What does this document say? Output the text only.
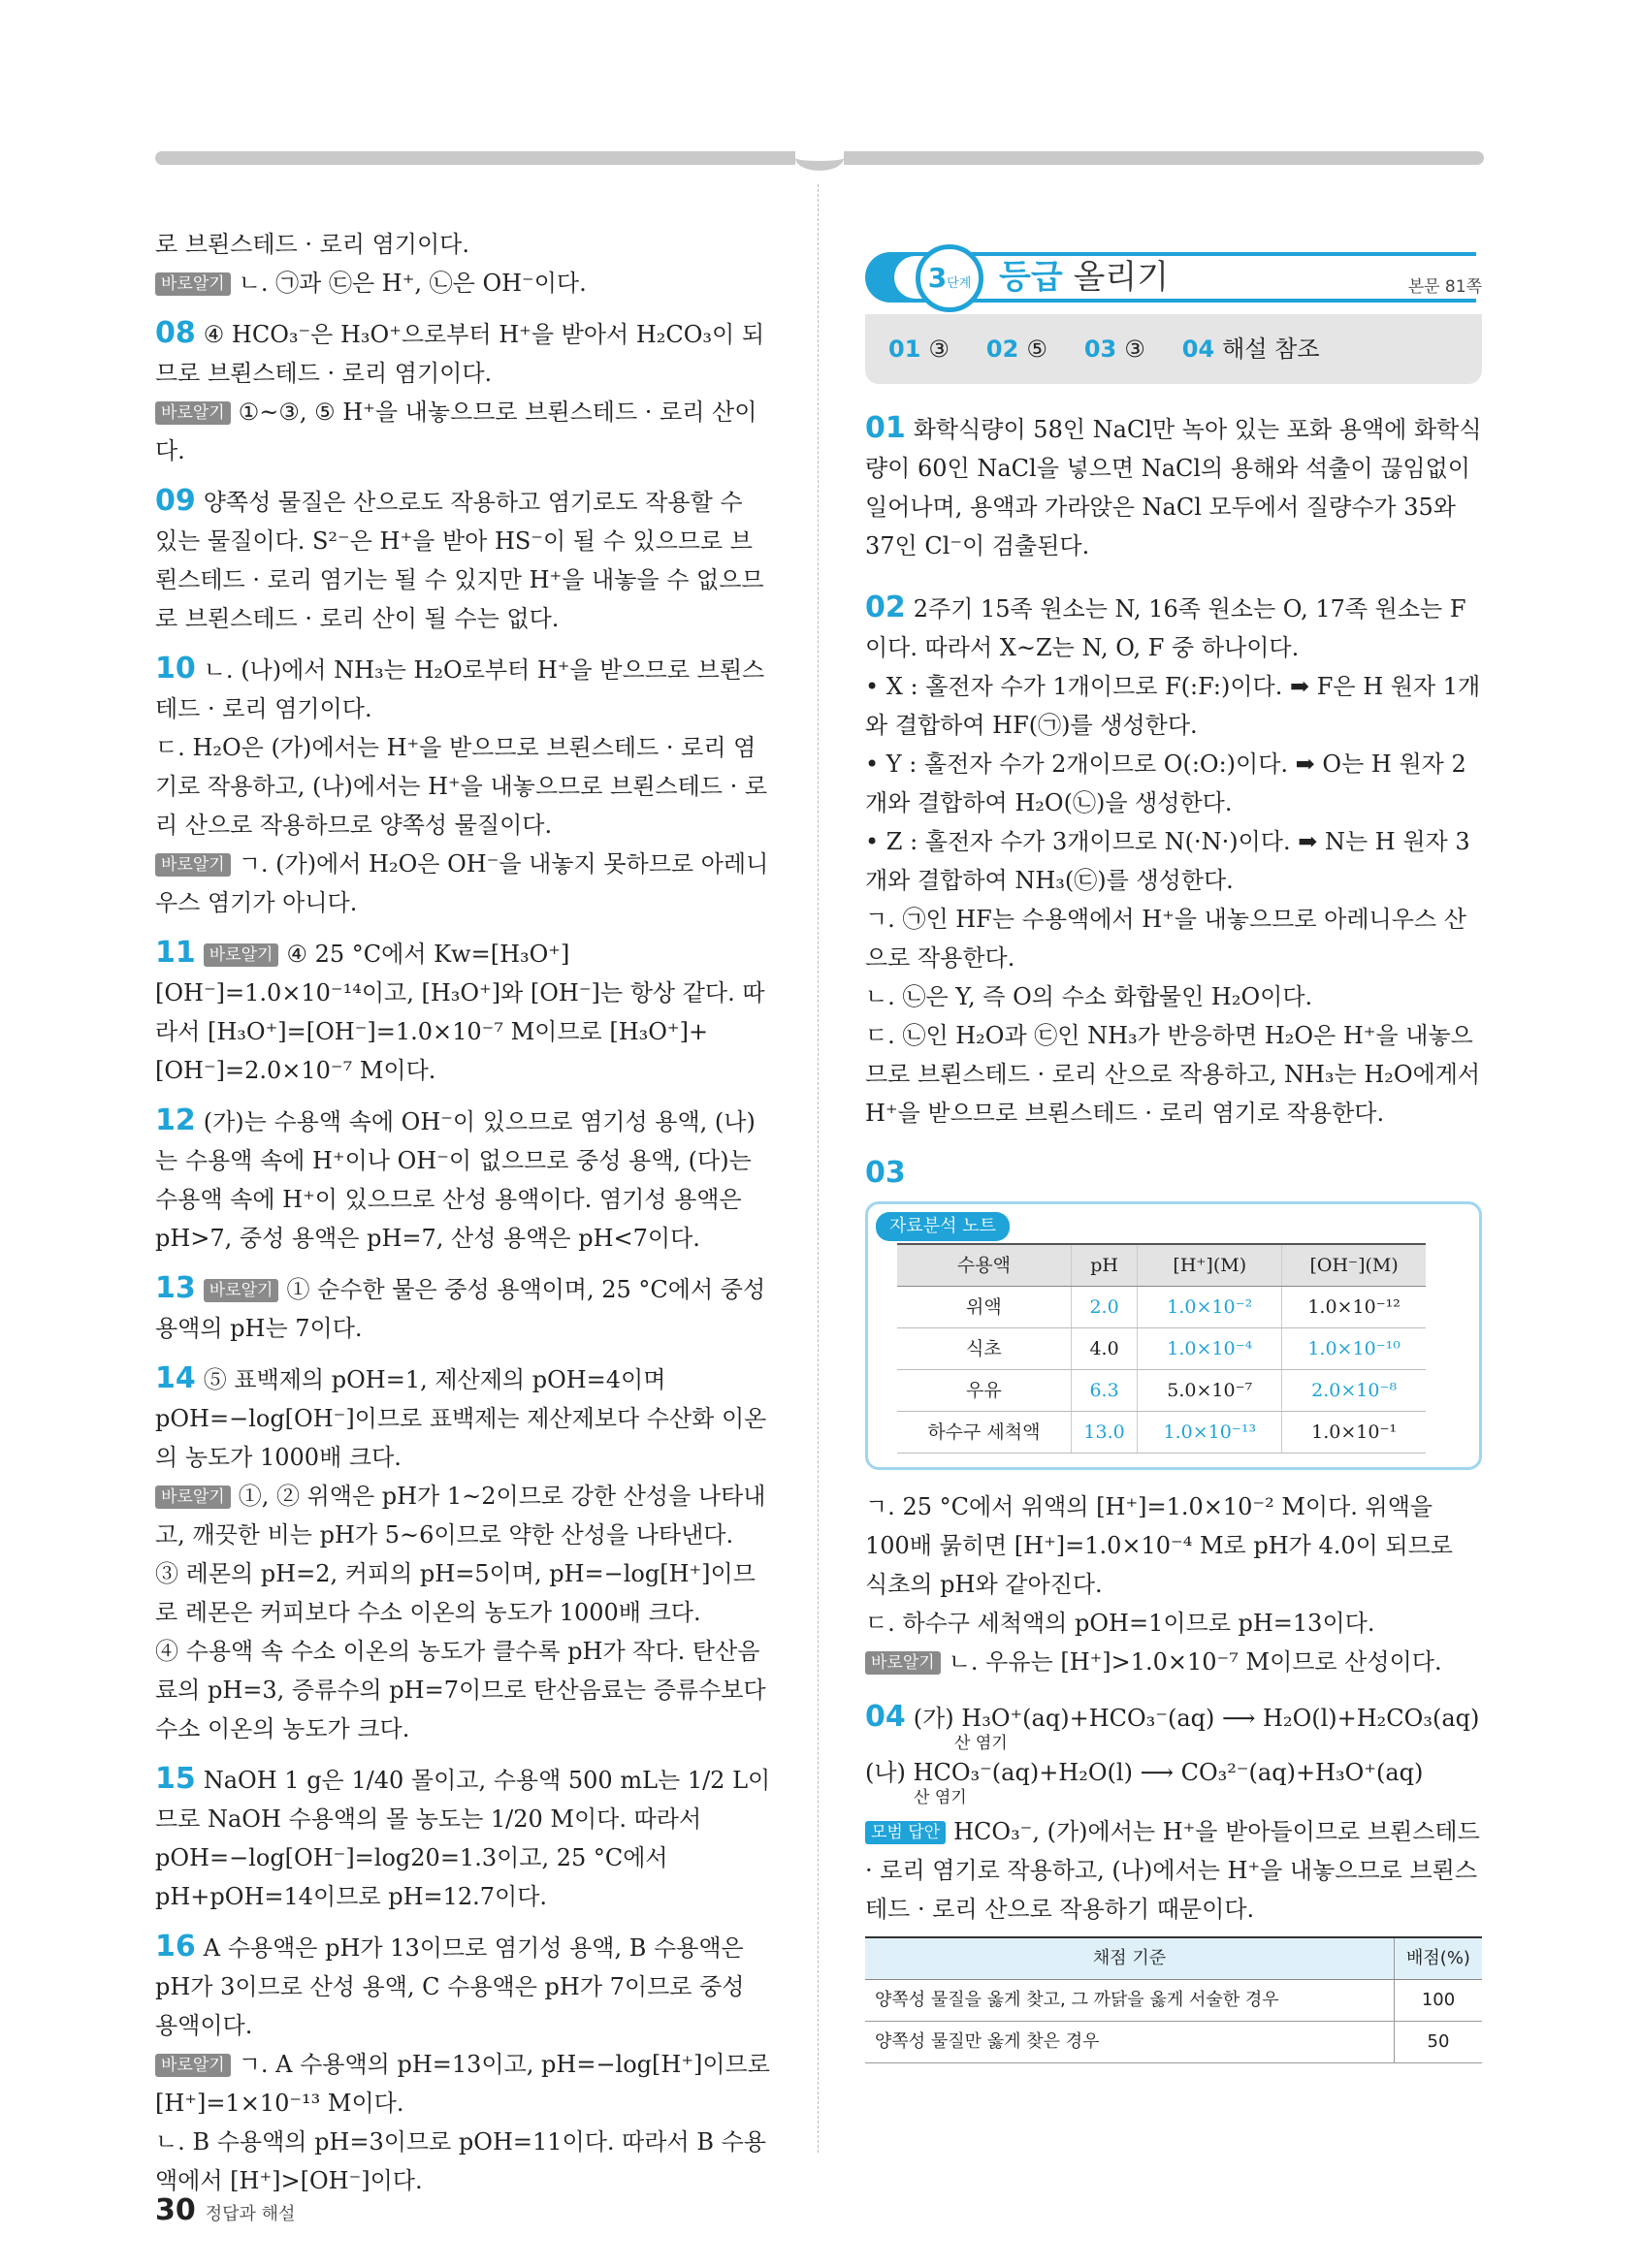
로 브뢴스테드 · 로리 염기이다.

바로알기 ㄴ. ㉠과 ㉢은 H⁺, ㉡은 OH⁻이다.

08 ④ HCO₃⁻은 H₃O⁺으로부터 H⁺을 받아서 H₂CO₃이 되므로 브뢴스테드 · 로리 염기이다.

바로알기 ①~③, ⑤ H⁺을 내놓으므로 브뢴스테드 · 로리 산이다.

09 양쪽성 물질은 산으로도 작용하고 염기로도 작용할 수 있는 물질이다. S²⁻은 H⁺을 받아 HS⁻이 될 수 있으므로 브뢴스테드 · 로리 염기는 될 수 있지만 H⁺을 내놓을 수 없으므로 브뢴스테드 · 로리 산이 될 수는 없다.

10 ㄴ. (나)에서 NH₃는 H₂O로부터 H⁺을 받으므로 브뢴스테드 · 로리 염기이다.

ㄷ. H₂O은 (가)에서는 H⁺을 받으므로 브뢴스테드 · 로리 염기로 작용하고, (나)에서는 H⁺을 내놓으므로 브뢴스테드 · 로리 산으로 작용하므로 양쪽성 물질이다.

바로알기 ㄱ. (가)에서 H₂O은 OH⁻을 내놓지 못하므로 아레니우스 염기가 아니다.

11 바로알기 ④ 25 °C에서 Kw=[H₃O⁺][OH⁻]=1.0×10⁻¹⁴이고, [H₃O⁺]와 [OH⁻]는 항상 같다. 따라서 [H₃O⁺]=[OH⁻]=1.0×10⁻⁷ M이므로 [H₃O⁺]+[OH⁻]=2.0×10⁻⁷ M이다.

12 (가)는 수용액 속에 OH⁻이 있으므로 염기성 용액, (나)는 수용액 속에 H⁺이나 OH⁻이 없으므로 중성 용액, (다)는 수용액 속에 H⁺이 있으므로 산성 용액이다. 염기성 용액은 pH>7, 중성 용액은 pH=7, 산성 용액은 pH<7이다.

13 바로알기 ① 순수한 물은 중성 용액이며, 25 °C에서 중성 용액의 pH는 7이다.

14 ⑤ 표백제의 pOH=1, 제산제의 pOH=4이며 pOH=−log[OH⁻]이므로 표백제는 제산제보다 수산화 이온의 농도가 1000배 크다.

바로알기 ①, ② 위액은 pH가 1~2이므로 강한 산성을 나타내고, 깨끗한 비는 pH가 5~6이므로 약한 산성을 나타낸다.

③ 레몬의 pH=2, 커피의 pH=5이며, pH=−log[H⁺]이므로 레몬은 커피보다 수소 이온의 농도가 1000배 크다.

④ 수용액 속 수소 이온의 농도가 클수록 pH가 작다. 탄산음료의 pH=3, 증류수의 pH=7이므로 탄산음료는 증류수보다 수소 이온의 농도가 크다.

15 NaOH 1 g은 1/40 몰이고, 수용액 500 mL는 1/2 L이므로 NaOH 수용액의 몰 농도는 1/20 M이다. 따라서 pOH=−log[OH⁻]=log20=1.3이고, 25 °C에서 pH+pOH=14이므로 pH=12.7이다.

16 A 수용액은 pH가 13이므로 염기성 용액, B 수용액은 pH가 3이므로 산성 용액, C 수용액은 pH가 7이므로 중성 용액이다.

바로알기 ㄱ. A 수용액의 pH=13이고, pH=−log[H⁺]이므로 [H⁺]=1×10⁻¹³ M이다.

ㄴ. B 수용액의 pH=3이므로 pOH=11이다. 따라서 B 수용액에서 [H⁺]>[OH⁻]이다.

3단계 등급 올리기	본문 81쪽
01 ③ 02 ⑤ 03 ③ 04 해설 참조

01 화학식량이 58인 NaCl만 녹아 있는 포화 용액에 화학식량이 60인 NaCl을 넣으면 NaCl의 용해와 석출이 끊임없이 일어나며, 용액과 가라앉은 NaCl 모두에서 질량수가 35와 37인 Cl⁻이 검출된다.

02 2주기 15족 원소는 N, 16족 원소는 O, 17족 원소는 F이다. 따라서 X~Z는 N, O, F 중 하나이다.

• X : 홀전자 수가 1개이므로 F(:F:)이다. ➡ F은 H 원자 1개와 결합하여 HF(㉠)를 생성한다.

• Y : 홀전자 수가 2개이므로 O(:O:)이다. ➡ O는 H 원자 2개와 결합하여 H₂O(㉡)을 생성한다.

• Z : 홀전자 수가 3개이므로 N(·N·)이다. ➡ N는 H 원자 3개와 결합하여 NH₃(㉢)를 생성한다.

ㄱ. ㉠인 HF는 수용액에서 H⁺을 내놓으므로 아레니우스 산으로 작용한다.

ㄴ. ㉡은 Y, 즉 O의 수소 화합물인 H₂O이다.

ㄷ. ㉡인 H₂O과 ㉢인 NH₃가 반응하면 H₂O은 H⁺을 내놓으므로 브뢴스테드 · 로리 산으로 작용하고, NH₃는 H₂O에게서 H⁺을 받으므로 브뢴스테드 · 로리 염기로 작용한다.

03

자료분석 노트
수용액	pH	[H⁺](M)	[OH⁻](M)
위액	2.0	1.0×10⁻²	1.0×10⁻¹²
식초	4.0	1.0×10⁻⁴	1.0×10⁻¹⁰
우유	6.3	5.0×10⁻⁷	2.0×10⁻⁸
하수구 세척액	13.0	1.0×10⁻¹³	1.0×10⁻¹

ㄱ. 25 °C에서 위액의 [H⁺]=1.0×10⁻² M이다. 위액을 100배 묽히면 [H⁺]=1.0×10⁻⁴ M로 pH가 4.0이 되므로 식초의 pH와 같아진다.

ㄷ. 하수구 세척액의 pOH=1이므로 pH=13이다.

바로알기 ㄴ. 우유는 [H⁺]>1.0×10⁻⁷ M이므로 산성이다.

04 (가) H₃O⁺(aq)+HCO₃⁻(aq) ⟶ H₂O(l)+H₂CO₃(aq)
산 염기
(나) HCO₃⁻(aq)+H₂O(l) ⟶ CO₃²⁻(aq)+H₃O⁺(aq)
산 염기

모범 답안 HCO₃⁻, (가)에서는 H⁺을 받아들이므로 브뢴스테드 · 로리 염기로 작용하고, (나)에서는 H⁺을 내놓으므로 브뢴스테드 · 로리 산으로 작용하기 때문이다.

채점 기준	배점(%)
양쪽성 물질을 옳게 찾고, 그 까닭을 옳게 서술한 경우	100
양쪽성 물질만 옳게 찾은 경우	50
30 정답과 해설
